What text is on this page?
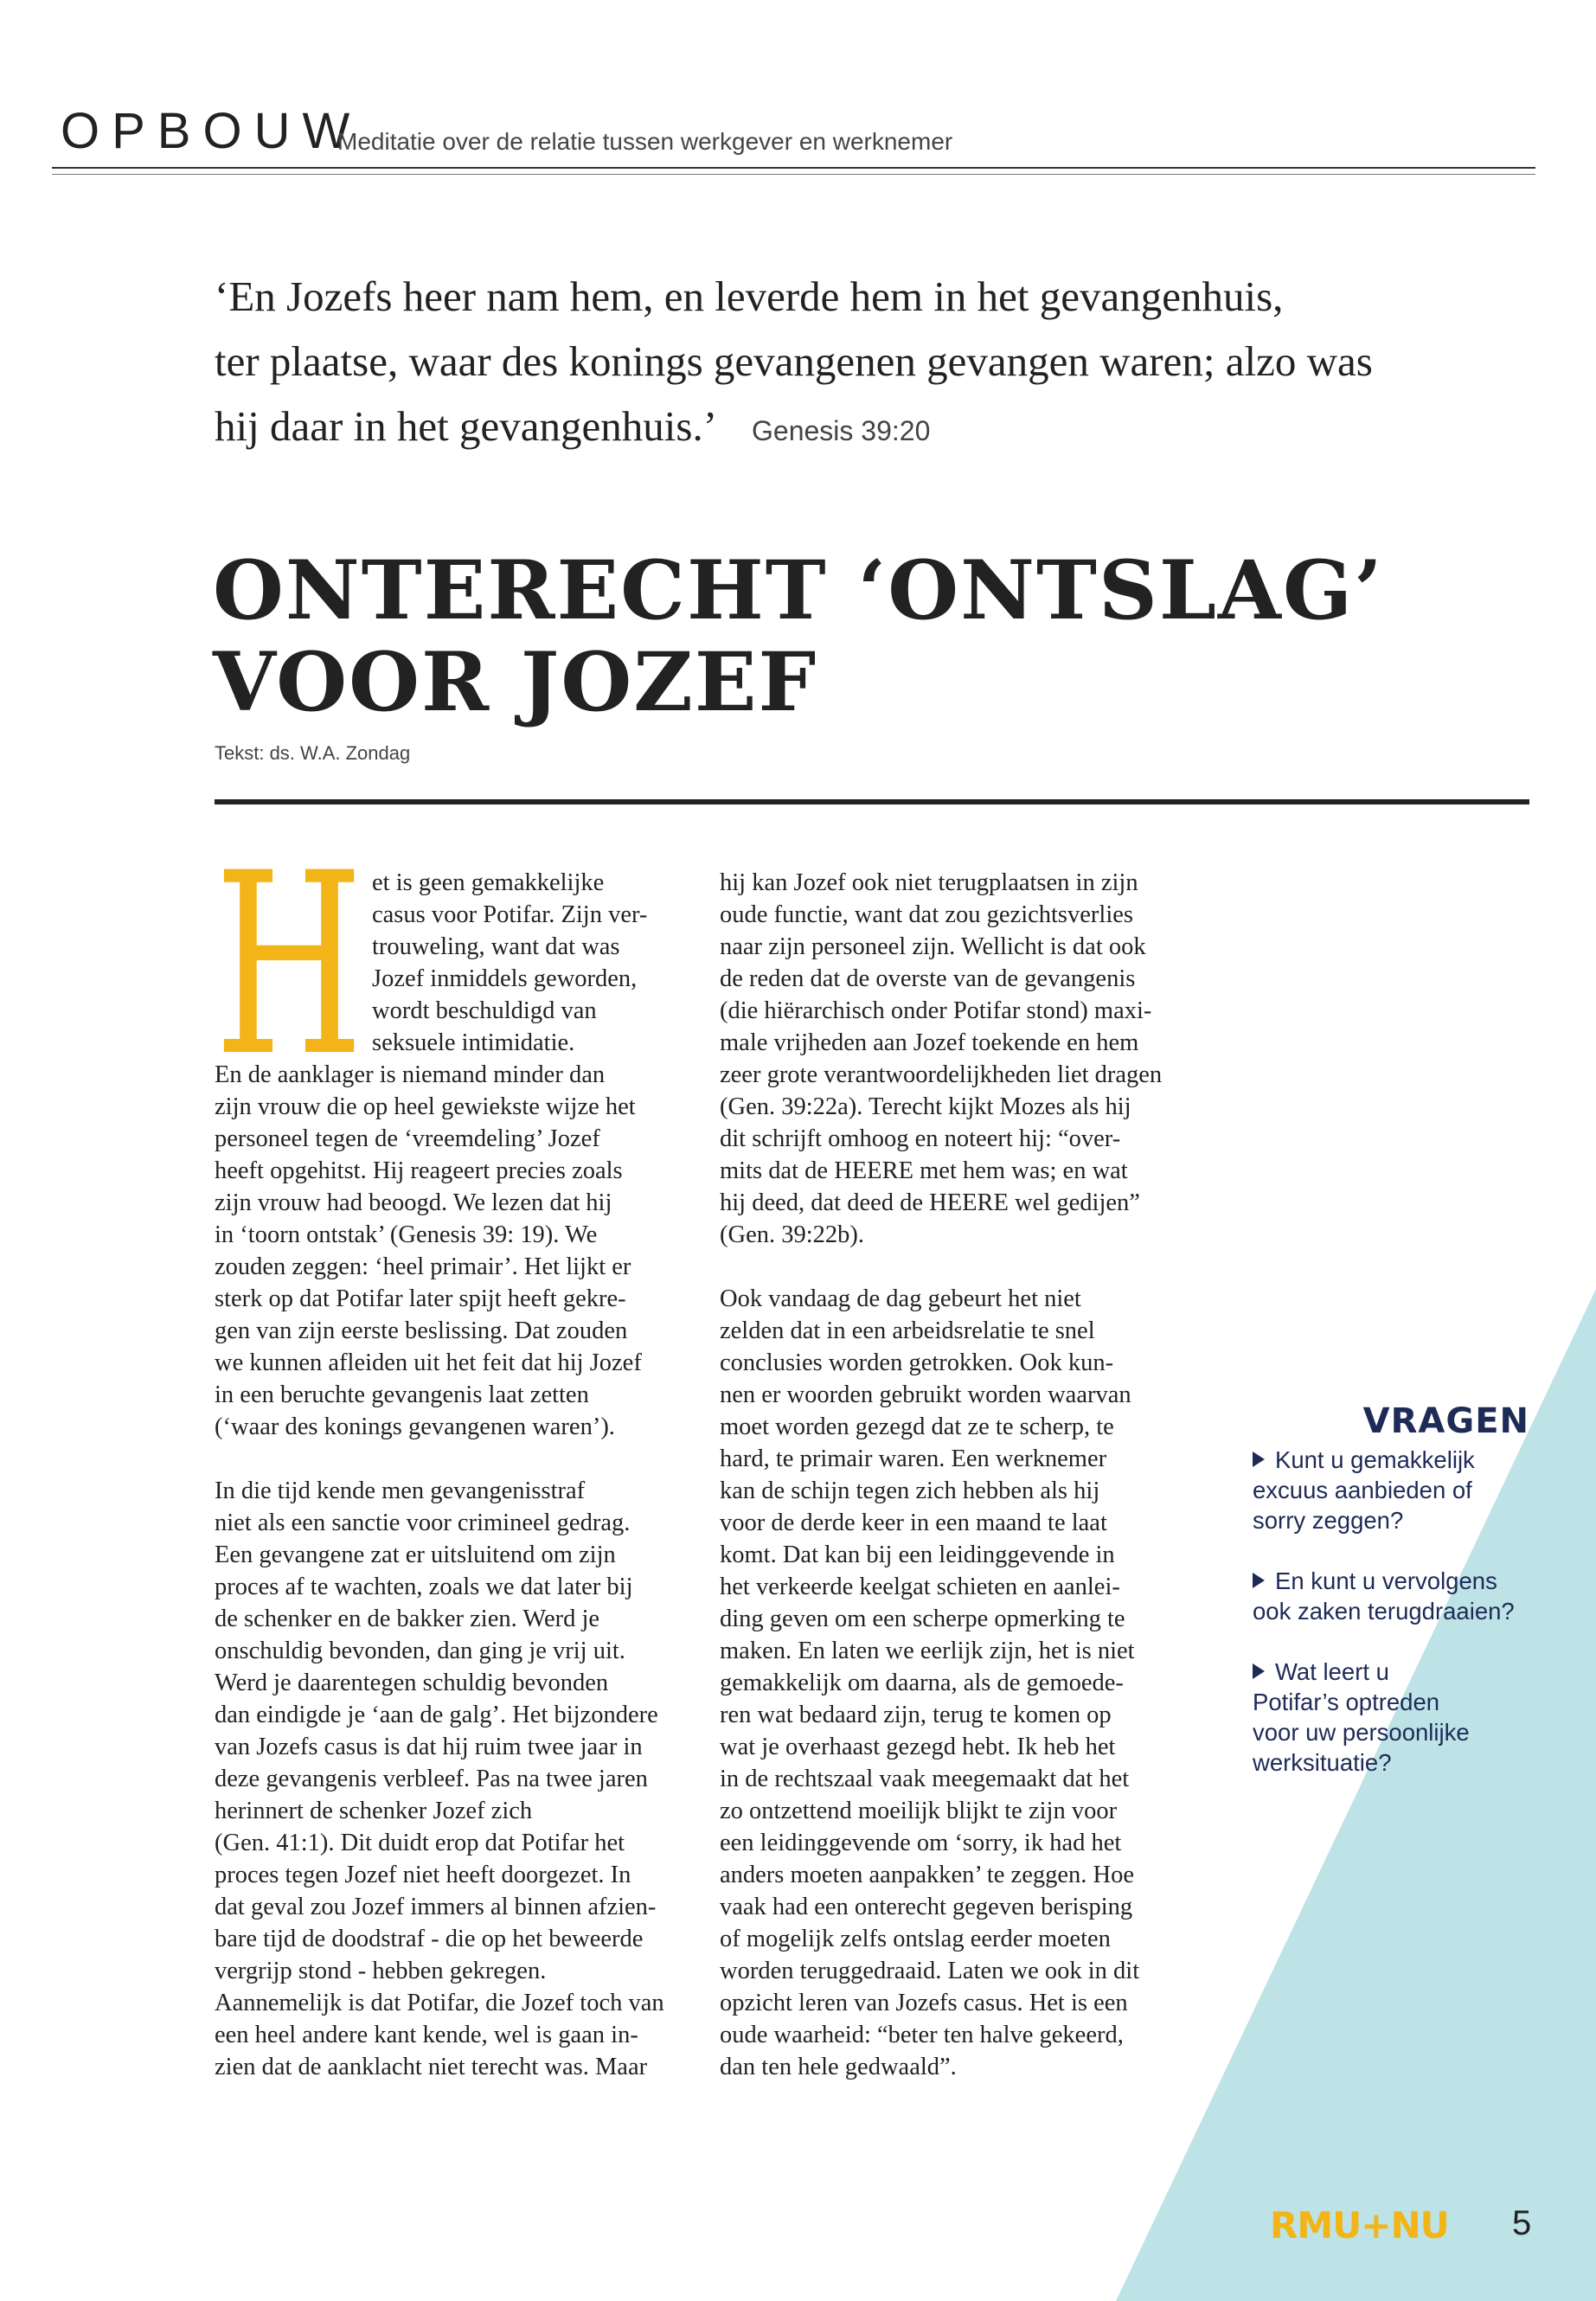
OPBOUW
Meditatie over de relatie tussen werkgever en werknemer
‘En Jozefs heer nam hem, en leverde hem in het gevangenhuis,
ter plaatse, waar des konings gevangenen gevangen waren; alzo was
hij daar in het gevangenhuis.’ Genesis 39:20
ONTERECHT ‘ONTSLAG’
VOOR JOZEF
Tekst: ds. W.A. Zondag
H et is geen gemakkelijke

casus voor Potifar. Zijn ver-

trouweling, want dat was

Jozef inmiddels geworden,

wordt beschuldigd van

seksuele intimidatie.

En de aanklager is niemand minder dan

zijn vrouw die op heel gewiekste wijze het

personeel tegen de ‘vreemdeling’ Jozef

heeft opgehitst. Hij reageert precies zoals

zijn vrouw had beoogd. We lezen dat hij

in ‘toorn ontstak’ (Genesis 39: 19). We

zouden zeggen: ‘heel primair’. Het lijkt er

sterk op dat Potifar later spijt heeft gekre-

gen van zijn eerste beslissing. Dat zouden

we kunnen afleiden uit het feit dat hij Jozef

in een beruchte gevangenis laat zetten

(‘waar des konings gevangenen waren’).

In die tijd kende men gevangenisstraf

niet als een sanctie voor crimineel gedrag.

Een gevangene zat er uitsluitend om zijn

proces af te wachten, zoals we dat later bij

de schenker en de bakker zien. Werd je

onschuldig bevonden, dan ging je vrij uit.

Werd je daarentegen schuldig bevonden

dan eindigde je ‘aan de galg’. Het bijzondere

van Jozefs casus is dat hij ruim twee jaar in

deze gevangenis verbleef. Pas na twee jaren

herinnert de schenker Jozef zich

(Gen. 41:1). Dit duidt erop dat Potifar het

proces tegen Jozef niet heeft doorgezet. In

dat geval zou Jozef immers al binnen afzien-

bare tijd de doodstraf - die op het beweerde

vergrijp stond - hebben gekregen.

Aannemelijk is dat Potifar, die Jozef toch van

een heel andere kant kende, wel is gaan in-

zien dat de aanklacht niet terecht was. Maar

hij kan Jozef ook niet terugplaatsen in zijn

oude functie, want dat zou gezichtsverlies

naar zijn personeel zijn. Wellicht is dat ook

de reden dat de overste van de gevangenis

(die hiërarchisch onder Potifar stond) maxi-

male vrijheden aan Jozef toekende en hem

zeer grote verantwoordelijkheden liet dragen

(Gen. 39:22a). Terecht kijkt Mozes als hij

dit schrijft omhoog en noteert hij: “over-

mits dat de HEERE met hem was; en wat

hij deed, dat deed de HEERE wel gedijen”

(Gen. 39:22b).

Ook vandaag de dag gebeurt het niet

zelden dat in een arbeidsrelatie te snel

conclusies worden getrokken. Ook kun-

nen er woorden gebruikt worden waarvan

moet worden gezegd dat ze te scherp, te

hard, te primair waren. Een werknemer

kan de schijn tegen zich hebben als hij

voor de derde keer in een maand te laat

komt. Dat kan bij een leidinggevende in

het verkeerde keelgat schieten en aanlei-

ding geven om een scherpe opmerking te

maken. En laten we eerlijk zijn, het is niet

gemakkelijk om daarna, als de gemoede-

ren wat bedaard zijn, terug te komen op

wat je overhaast gezegd hebt. Ik heb het

in de rechtszaal vaak meegemaakt dat het

zo ontzettend moeilijk blijkt te zijn voor

een leidinggevende om ‘sorry, ik had het

anders moeten aanpakken’ te zeggen. Hoe

vaak had een onterecht gegeven berisping

of mogelijk zelfs ontslag eerder moeten

worden teruggedraaid. Laten we ook in dit

opzicht leren van Jozefs casus. Het is een

oude waarheid: “beter ten halve gekeerd,

dan ten hele gedwaald”.

VRAGEN
Kunt u gemakkelijk
excuus aanbieden of
sorry zeggen?
En kunt u vervolgens
ook zaken terugdraaien?
Wat leert u
Potifar’s optreden
voor uw persoonlijke
werksituatie?
RMU+NU 5
